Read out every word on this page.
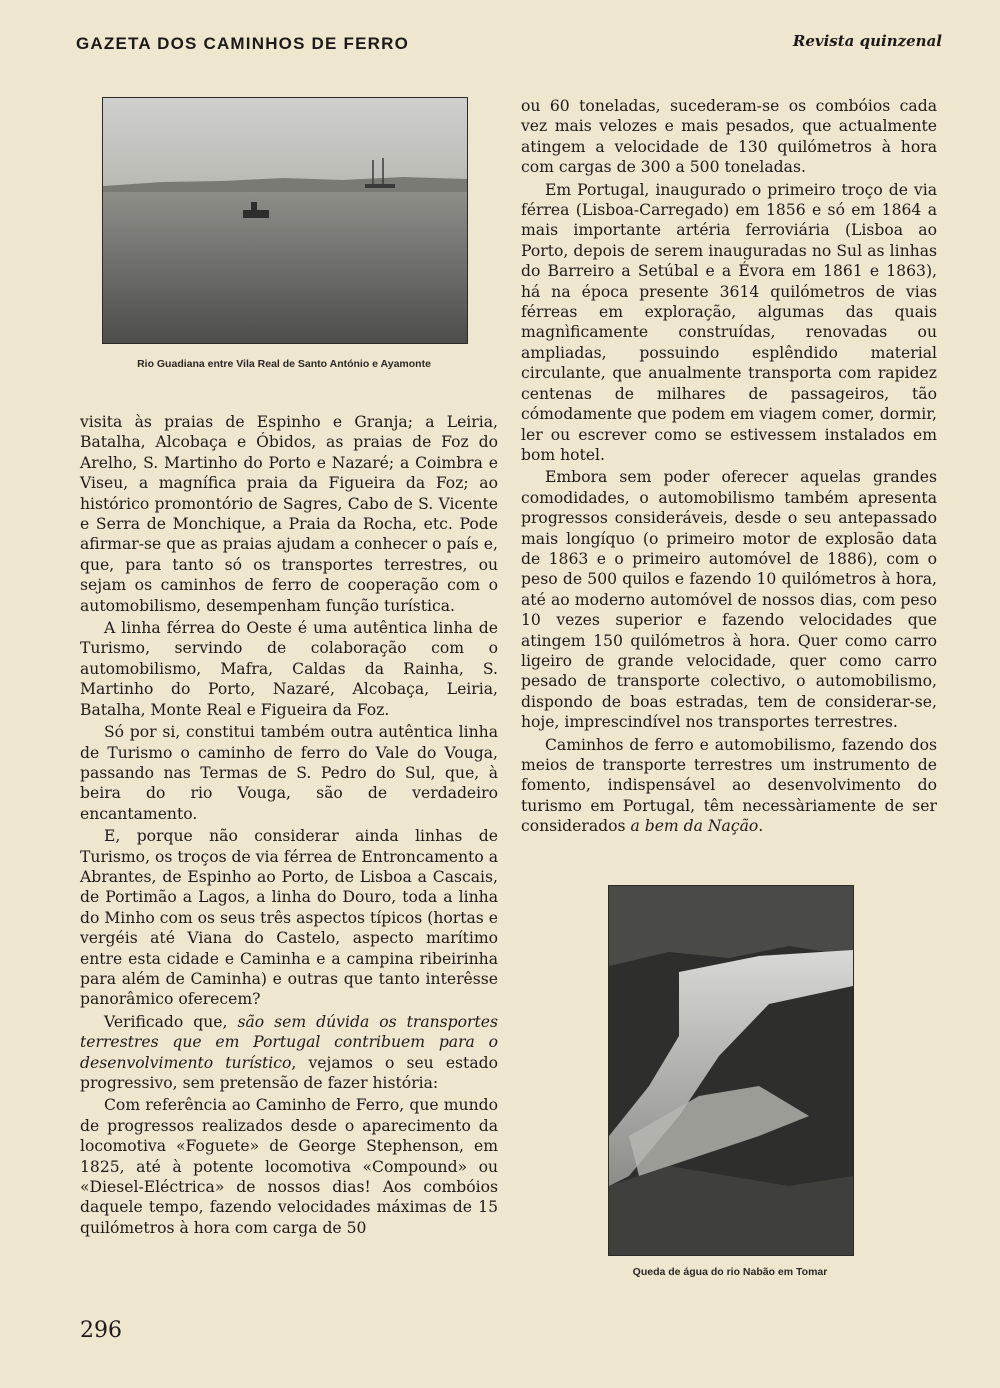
GAZETA DOS CAMINHOS DE FERRO	Revista quinzenal
Rio Guadiana entre Vila Real de Santo António e Ayamonte

visita às praias de Espinho e Granja; a Leiria, Batalha, Alcobaça e Óbidos, as praias de Foz do Arelho, S. Martinho do Porto e Nazaré; a Coimbra e Viseu, a magnífica praia da Figueira da Foz; ao histórico promontório de Sagres, Cabo de S. Vicente e Serra de Monchique, a Praia da Rocha, etc. Pode afirmar-se que as praias ajudam a conhecer o país e, que, para tanto só os transportes terrestres, ou sejam os caminhos de ferro de cooperação com o automobilismo, desempenham função turística.

A linha férrea do Oeste é uma autêntica linha de Turismo, servindo de colaboração com o automobilismo, Mafra, Caldas da Rainha, S. Martinho do Porto, Nazaré, Alcobaça, Leiria, Batalha, Monte Real e Figueira da Foz.

Só por si, constitui também outra autêntica linha de Turismo o caminho de ferro do Vale do Vouga, passando nas Termas de S. Pedro do Sul, que, à beira do rio Vouga, são de verdadeiro encantamento.

E, porque não considerar ainda linhas de Turismo, os troços de via férrea de Entroncamento a Abrantes, de Espinho ao Porto, de Lisboa a Cascais, de Portimão a Lagos, a linha do Douro, toda a linha do Minho com os seus três aspectos típicos (hortas e vergéis até Viana do Castelo, aspecto marítimo entre esta cidade e Caminha e a campina ribeirinha para além de Caminha) e outras que tanto interêsse panorâmico oferecem?

Verificado que, são sem dúvida os transportes terrestres que em Portugal contribuem para o desenvolvimento turístico, vejamos o seu estado progressivo, sem pretensão de fazer história:

Com referência ao Caminho de Ferro, que mundo de progressos realizados desde o aparecimento da locomotiva «Foguete» de George Stephenson, em 1825, até à potente locomotiva «Compound» ou «Diesel-Eléctrica» de nossos dias! Aos combóios daquele tempo, fazendo velocidades máximas de 15 quilómetros à hora com carga de 50

ou 60 toneladas, sucederam-se os combóios cada vez mais velozes e mais pesados, que actualmente atingem a velocidade de 130 quilómetros à hora com cargas de 300 a 500 toneladas.

Em Portugal, inaugurado o primeiro troço de via férrea (Lisboa-Carregado) em 1856 e só em 1864 a mais importante artéria ferroviária (Lisboa ao Porto, depois de serem inauguradas no Sul as linhas do Barreiro a Setúbal e a Évora em 1861 e 1863), há na época presente 3614 quilómetros de vias férreas em exploração, algumas das quais magnìficamente construídas, renovadas ou ampliadas, possuindo esplêndido material circulante, que anualmente transporta com rapidez centenas de milhares de passageiros, tão cómodamente que podem em viagem comer, dormir, ler ou escrever como se estivessem instalados em bom hotel.

Embora sem poder oferecer aquelas grandes comodidades, o automobilismo também apresenta progressos consideráveis, desde o seu antepassado mais longíquo (o primeiro motor de explosão data de 1863 e o primeiro automóvel de 1886), com o peso de 500 quilos e fazendo 10 quilómetros à hora, até ao moderno automóvel de nossos dias, com peso 10 vezes superior e fazendo velocidades que atingem 150 quilómetros à hora. Quer como carro ligeiro de grande velocidade, quer como carro pesado de transporte colectivo, o automobilismo, dispondo de boas estradas, tem de considerar-se, hoje, imprescindível nos transportes terrestres.

Caminhos de ferro e automobilismo, fazendo dos meios de transporte terrestres um instrumento de fomento, indispensável ao desenvolvimento do turismo em Portugal, têm necessàriamente de ser considerados a bem da Nação.

Queda de água do rio Nabão em Tomar
296
